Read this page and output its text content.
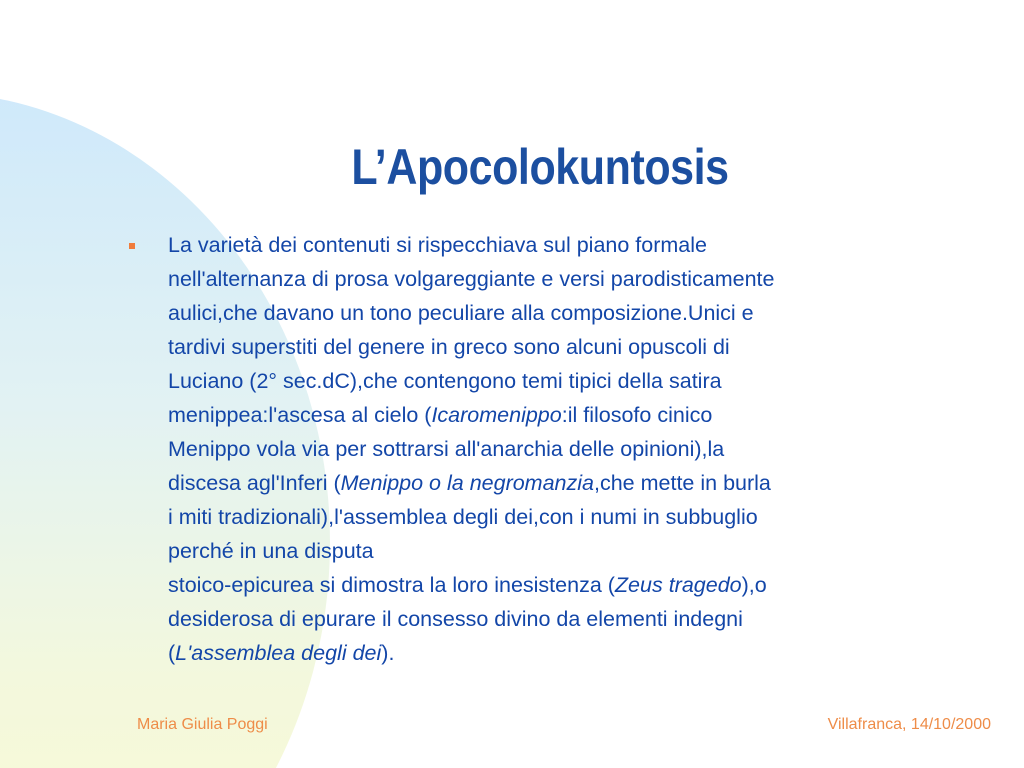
L’Apocolokuntosis
La varietà dei contenuti si rispecchiava sul piano formale
nell'alternanza di prosa volgareggiante e versi parodisticamente
aulici,che davano un tono peculiare alla composizione.Unici e
tardivi superstiti del genere in greco sono alcuni opuscoli di
Luciano (2° sec.dC),che contengono temi tipici della satira
menippea:l'ascesa al cielo (Icaromenippo:il filosofo cinico
Menippo vola via per sottrarsi all'anarchia delle opinioni),la
discesa agl'Inferi (Menippo o la negromanzia,che mette in burla
i miti tradizionali),l'assemblea degli dei,con i numi in subbuglio
perché in una disputa
stoico-epicurea si dimostra la loro inesistenza (Zeus tragedo),o
desiderosa di epurare il consesso divino da elementi indegni
(L'assemblea degli dei).
Maria Giulia Poggi	Villafranca, 14/10/2000
